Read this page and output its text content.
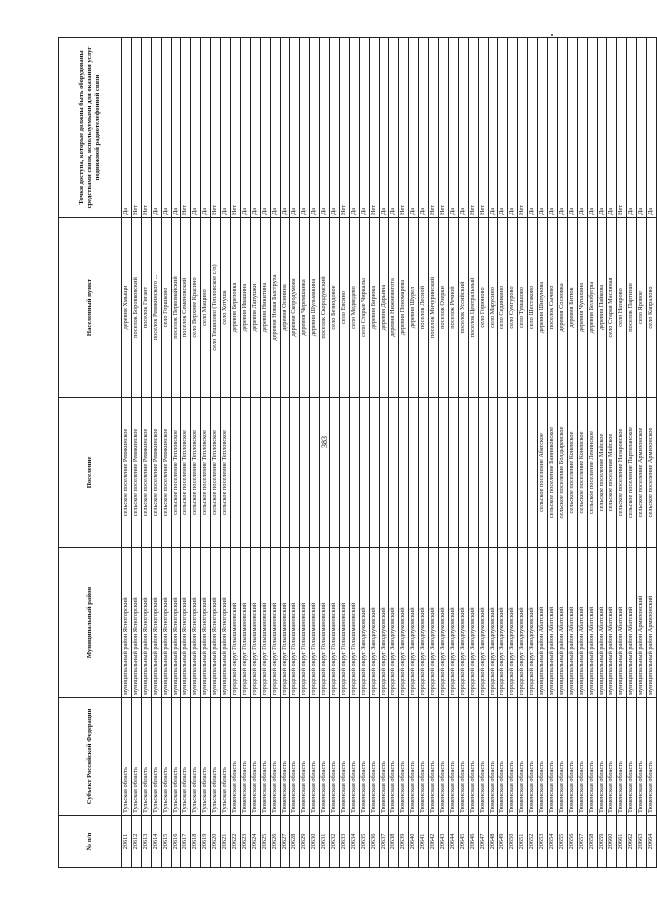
383
№ п/п	Субъект Российской Федерации	Муниципальный район	Поселение	Населенный пункт	Точки доступа, которые должны быть оборудованы средствами связи, используемыми для оказания услуг подвижной радиотелефонной связи
20611	Тульская область	муниципальный район Ясногорский	сельское поселение Ревякинское	деревня Хмыщи	Да
20612	Тульская область	муниципальный район Ясногорский	сельское поселение Ревякинское	поселок Боровковский	Нет
20613	Тульская область	муниципальный район Ясногорский	сельское поселение Ревякинское	поселок Гигант	Нет
20614	Тульская область	муниципальный район Ясногорский	сельское поселение Ревякинское	поселок Ревякинского ...	Да
20615	Тульская область	муниципальный район Ясногорский	сельское поселение Ревякинское	село Горшково	Да
20616	Тульская область	муниципальный район Ясногорский	сельское поселение Тепловское	поселок Первомайский	Да
20617	Тульская область	муниципальный район Ясногорский	сельское поселение Тепловское	поселок Семеновский	Нет
20618	Тульская область	муниципальный район Ясногорский	сельское поселение Тепловское	село Верхнее Красино	Да
20619	Тульская область	муниципальный район Ясногорский	сельское поселение Тепловское	село Мащино	Да
20620	Тульская область	муниципальный район Ясногорский	сельское поселение Тепловское	село Тешилово (Тепловское с/п)	Нет
20621	Тульская область	муниципальный район Ясногорский	сельское поселение Тепловское	село Хотуша	Да
20622	Тюменская область	городской округ Голышмановский		деревня Березовка	Нет
20623	Тюменская область	городской округ Голышмановский		деревня Ивашина	Да
20624	Тюменская область	городской округ Голышмановский		деревня Лапушки	Да
20625	Тюменская область	городской округ Голышмановский		деревня Никитина	Да
20626	Тюменская область	городской округ Голышмановский		деревня Новая Быструха	Да
20627	Тюменская область	городской округ Голышмановский		деревня Осинина	Да
20628	Тюменская область	городской округ Голышмановский		деревня Скородумова	Да
20629	Тюменская область	городской округ Голышмановский		деревня Черемшанка	Да
20630	Тюменская область	городской округ Голышмановский		деревня Шульмакина	Да
20631	Тюменская область	городской округ Голышмановский		поселок Скородумский	Да
20632	Тюменская область	городской округ Голышмановский		село Безнодовое	Да
20633	Тюменская область	городской округ Голышмановский		село Евсино	Нет
20634	Тюменская область	городской округ Голышмановский		село Медведево	Да
20635	Тюменская область	городской округ Заводоуковский		село Старые Чиркалы	Да
20636	Тюменская область	городской округ Заводоуковский		деревня Бирюка	Нет
20637	Тюменская область	городской округ Заводоуковский		деревня Дарьина	Да
20638	Тюменская область	городской округ Заводоуковский		деревня Нижнеянгота	Да
20639	Тюменская область	городской округ Заводоуковский		деревня Пономарева	Нет
20640	Тюменская область	городской округ Заводоуковский		деревня Шурел	Да
20641	Тюменская область	городской округ Заводоуковский		поселок Лесной	Да
20642	Тюменская область	городской округ Заводоуковский		поселок Мичуринский	Нет
20643	Тюменская область	городской округ Заводоуковский		поселок Озерки	Нет
20644	Тюменская область	городской округ Заводоуковский		поселок Речной	Да
20645	Тюменская область	городской округ Заводоуковский		поселок Уссийский	Да
20646	Тюменская область	городской округ Заводоуковский		поселок Центральный	Нет
20647	Тюменская область	городской округ Заводоуковский		село Горюново	Нет
20648	Тюменская область	городской округ Заводоуковский		село Марусино	Да
20649	Тюменская область	городской округ Заводоуковский		село Сединкино	Да
20650	Тюменская область	городской округ Заводоуковский		село Сунгурово	Да
20651	Тюменская область	городской округ Заводоуковский		село Тумашово	Нет
20652	Тюменская область	городской округ Заводоуковский		село Шестаково	Да
20653	Тюменская область	муниципальный район Абатский	сельское поселение Абатское	деревня Шипунова	Да
20654	Тюменская область	муниципальный район Абатский	сельское поселение Банниковское	поселок Сычево	Да
20655	Тюменская область	муниципальный район Абатский	сельское поселение Болдыревское	деревня Сосновка	Да
20656	Тюменская область	муниципальный район Абатский	сельское поселение Коневское	деревня Битюк	Да
20657	Тюменская область	муниципальный район Абатский	сельское поселение Коневское	деревня Чупахина	Да
20658	Тюменская область	муниципальный район Абатский	сельское поселение Ленинское	деревня Белобугры	Да
20659	Тюменская область	муниципальный район Абатский	сельское поселение Майское	деревня Пайкова	Да
20660	Тюменская область	муниципальный район Абатский	сельское поселение Майское	село Старая Масляная	Да
20661	Тюменская область	муниципальный район Абатский	сельское поселение Назаровское	село Назарово	Нет
20662	Тюменская область	муниципальный район Абатский	сельское поселение Партизанское	поселок Партизан	Да
20663	Тюменская область	муниципальный район Армизонский	сельское поселение Армизонское	село Яровое	Да
20664	Тюменская область	муниципальный район Армизонский	сельское поселение Армизонское	село Капралово	Да
